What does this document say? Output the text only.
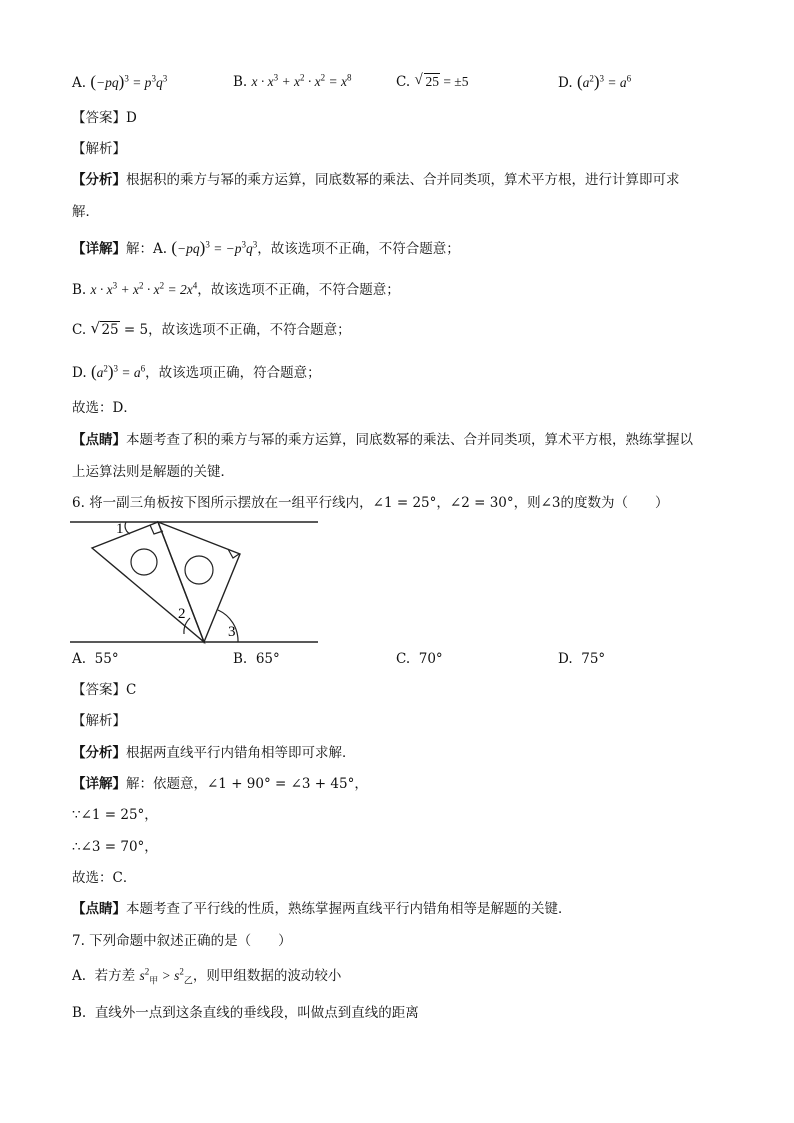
A. $(-pq)^3 = p^3q^3$	B. $x \cdot x^3 + x^2 \cdot x^2 = x^8$	C. √ 25 = ±5	D. $(a^2)^3 = a^6$
【答案】D
【解析】
【分析】根据积的乘方与幂的乘方运算，同底数幂的乘法、合并同类项，算术平方根，进行计算即可求
解．
【详解】解：A. $(-pq)^3 = -p^3q^3$，故该选项不正确，不符合题意；
B. $x \cdot x^3 + x^2 \cdot x^2 = 2x^4$，故该选项不正确，不符合题意；
C. √ 25 = 5，故该选项不正确，不符合题意；
D. $(a^2)^3 = a^6$，故该选项正确，符合题意；
故选：D．
【点睛】本题考查了积的乘方与幂的乘方运算，同底数幂的乘法、合并同类项，算术平方根，熟练掌握以
上运算法则是解题的关键．
6. 将一副三角板按下图所示摆放在一组平行线内，∠1 = 25°，∠2 = 30°，则∠3的度数为（　　）
1
2
3
A. 55°	B. 65°	C. 70°	D. 75°
【答案】C
【解析】
【分析】根据两直线平行内错角相等即可求解．
【详解】解：依题意，∠1 + 90° = ∠3 + 45°，
∵∠1 = 25°，
∴∠3 = 70°，
故选：C．
【点睛】本题考查了平行线的性质，熟练掌握两直线平行内错角相等是解题的关键．
7. 下列命题中叙述正确的是（　　）
A. 若方差 $s^2_甲 > s^2_乙$，则甲组数据的波动较小
B. 直线外一点到这条直线的垂线段，叫做点到直线的距离
